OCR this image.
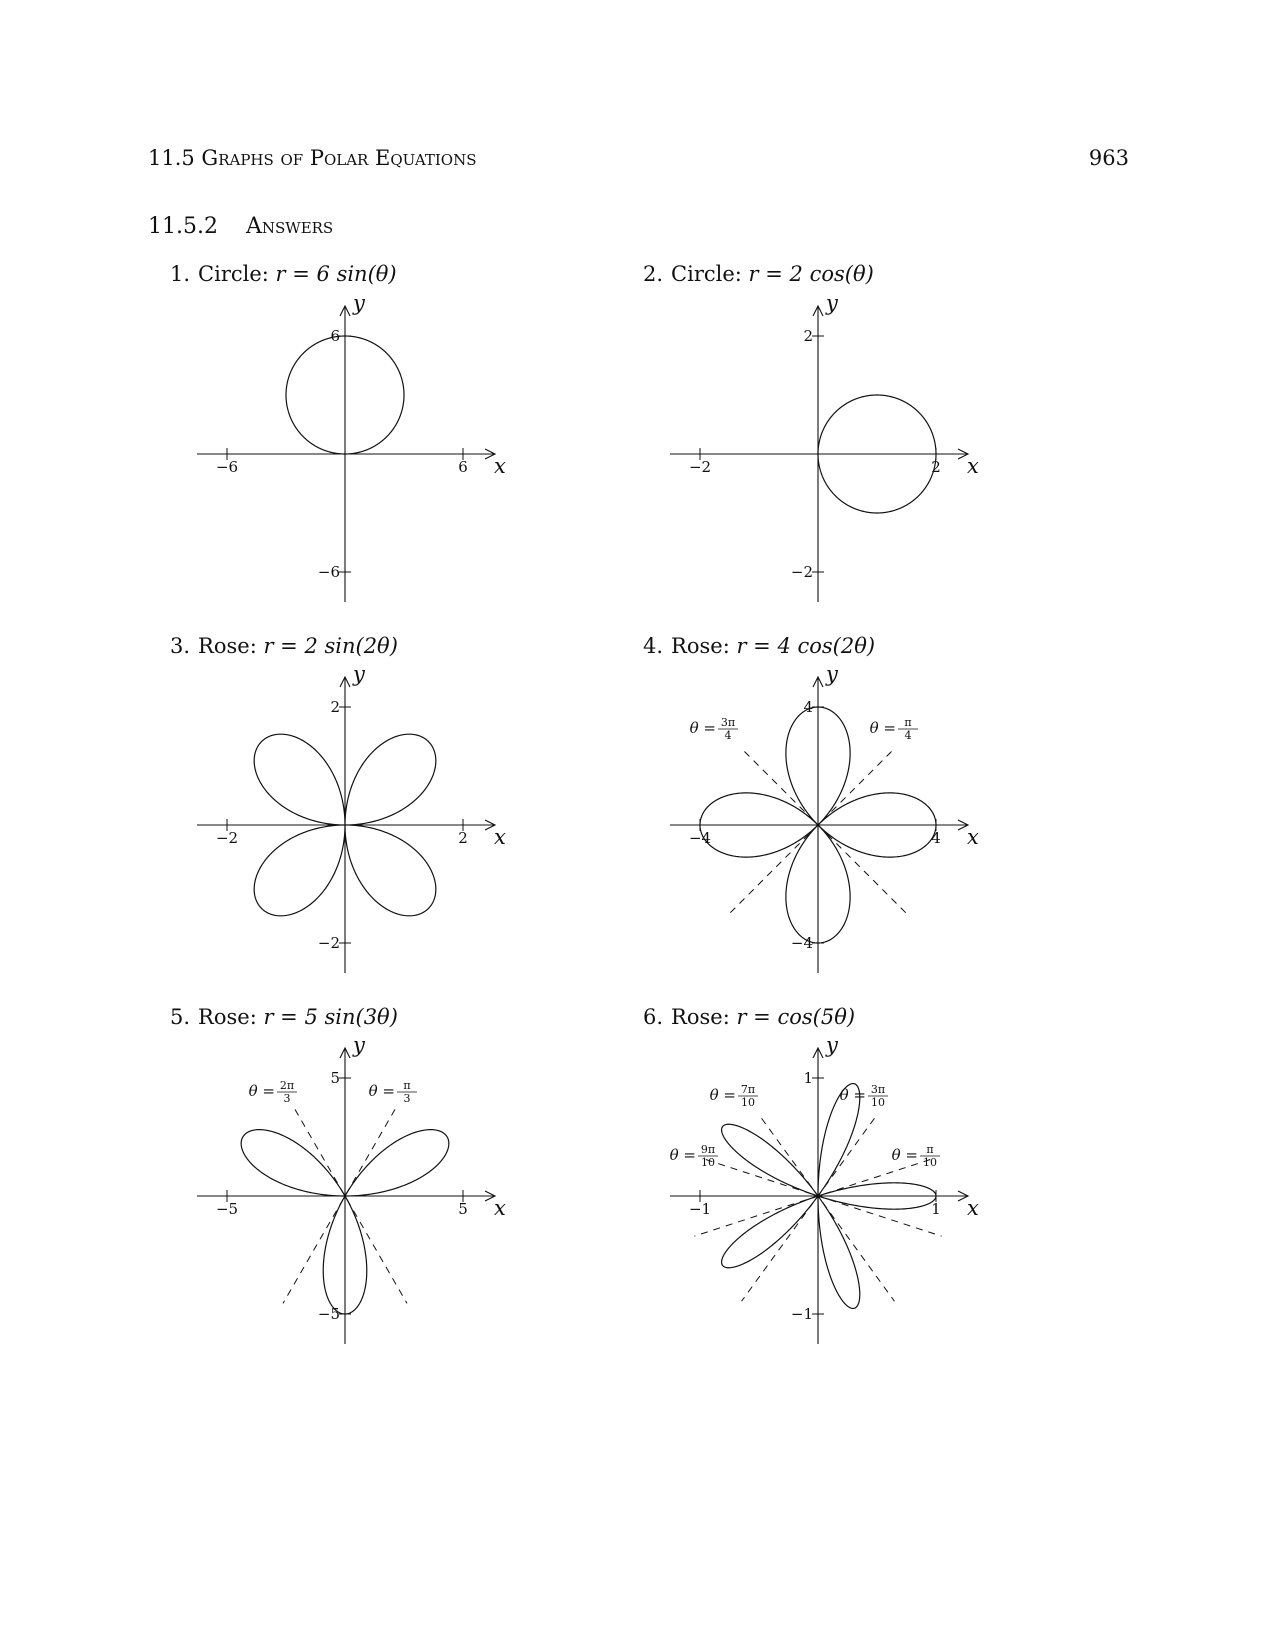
11.5 Graphs of Polar Equations	963
11.5.2 Answers
1. Circle: r = 6 sin(θ)	2. Circle: r = 2 cos(θ)
3. Rose: r = 2 sin(2θ)	4. Rose: r = 4 cos(2θ)
5. Rose: r = 5 sin(3θ)	6. Rose: r = cos(5θ)
x
y
−6	6
6
−6
x
y
−2	2
2
−2
x
y
−2	2
2
−2
θ = 3π
4	θ = π
4
x
y
−4	4
4
−4
θ = 2π
3	θ = π
3
x
y
−5	5
5
−5
θ = 7π
10	θ = 3π
10
θ = 9π
10	θ = π
10
x
y
−1	1
1
−1
